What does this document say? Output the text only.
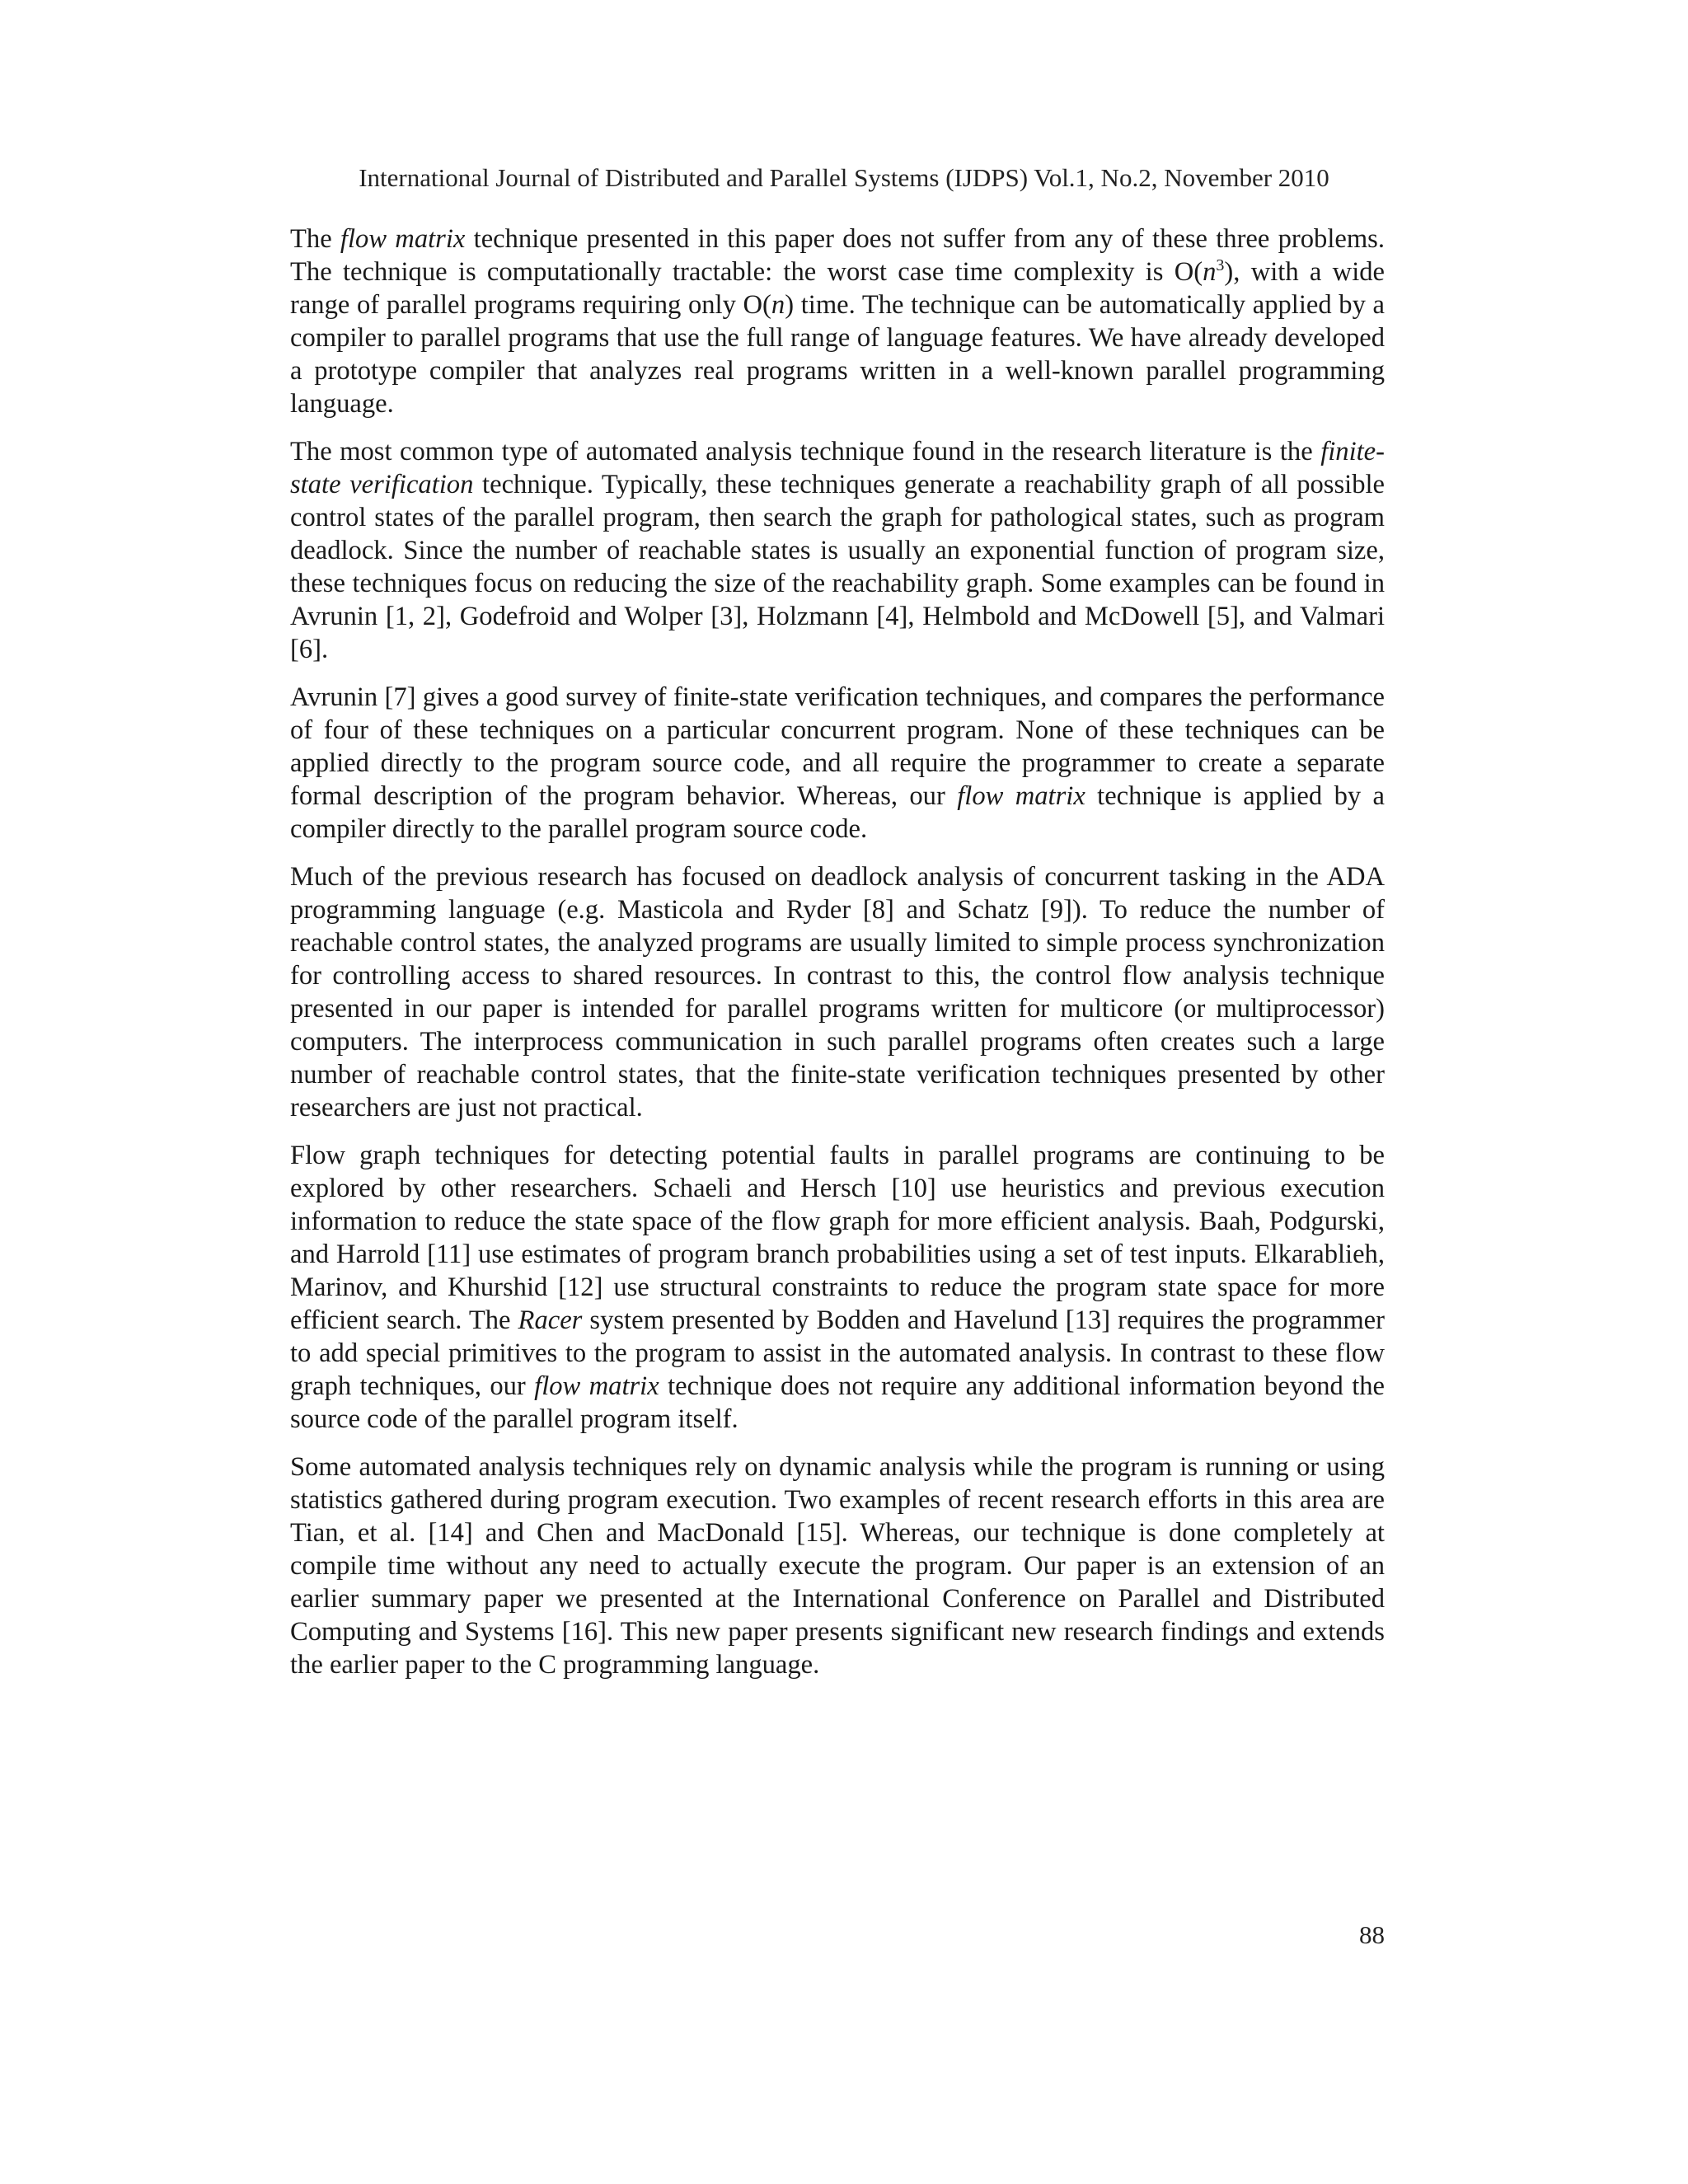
International Journal of Distributed and Parallel Systems (IJDPS) Vol.1, No.2, November 2010

The flow matrix technique presented in this paper does not suffer from any of these three problems. The technique is computationally tractable: the worst case time complexity is $O(n^3)$, with a wide range of parallel programs requiring only O(n) time. The technique can be automatically applied by a compiler to parallel programs that use the full range of language features. We have already developed a prototype compiler that analyzes real programs written in a well-known parallel programming language.

The most common type of automated analysis technique found in the research literature is the finite-state verification technique. Typically, these techniques generate a reachability graph of all possible control states of the parallel program, then search the graph for pathological states, such as program deadlock. Since the number of reachable states is usually an exponential function of program size, these techniques focus on reducing the size of the reachability graph. Some examples can be found in Avrunin [1, 2], Godefroid and Wolper [3], Holzmann [4], Helmbold and McDowell [5], and Valmari [6].

Avrunin [7] gives a good survey of finite-state verification techniques, and compares the performance of four of these techniques on a particular concurrent program. None of these techniques can be applied directly to the program source code, and all require the programmer to create a separate formal description of the program behavior. Whereas, our flow matrix technique is applied by a compiler directly to the parallel program source code.

Much of the previous research has focused on deadlock analysis of concurrent tasking in the ADA programming language (e.g. Masticola and Ryder [8] and Schatz [9]). To reduce the number of reachable control states, the analyzed programs are usually limited to simple process synchronization for controlling access to shared resources. In contrast to this, the control flow analysis technique presented in our paper is intended for parallel programs written for multicore (or multiprocessor) computers. The interprocess communication in such parallel programs often creates such a large number of reachable control states, that the finite-state verification techniques presented by other researchers are just not practical.

Flow graph techniques for detecting potential faults in parallel programs are continuing to be explored by other researchers. Schaeli and Hersch [10] use heuristics and previous execution information to reduce the state space of the flow graph for more efficient analysis. Baah, Podgurski, and Harrold [11] use estimates of program branch probabilities using a set of test inputs. Elkarablieh, Marinov, and Khurshid [12] use structural constraints to reduce the program state space for more efficient search. The Racer system presented by Bodden and Havelund [13] requires the programmer to add special primitives to the program to assist in the automated analysis. In contrast to these flow graph techniques, our flow matrix technique does not require any additional information beyond the source code of the parallel program itself.

Some automated analysis techniques rely on dynamic analysis while the program is running or using statistics gathered during program execution. Two examples of recent research efforts in this area are Tian, et al. [14] and Chen and MacDonald [15]. Whereas, our technique is done completely at compile time without any need to actually execute the program. Our paper is an extension of an earlier summary paper we presented at the International Conference on Parallel and Distributed Computing and Systems [16]. This new paper presents significant new research findings and extends the earlier paper to the C programming language.

88
